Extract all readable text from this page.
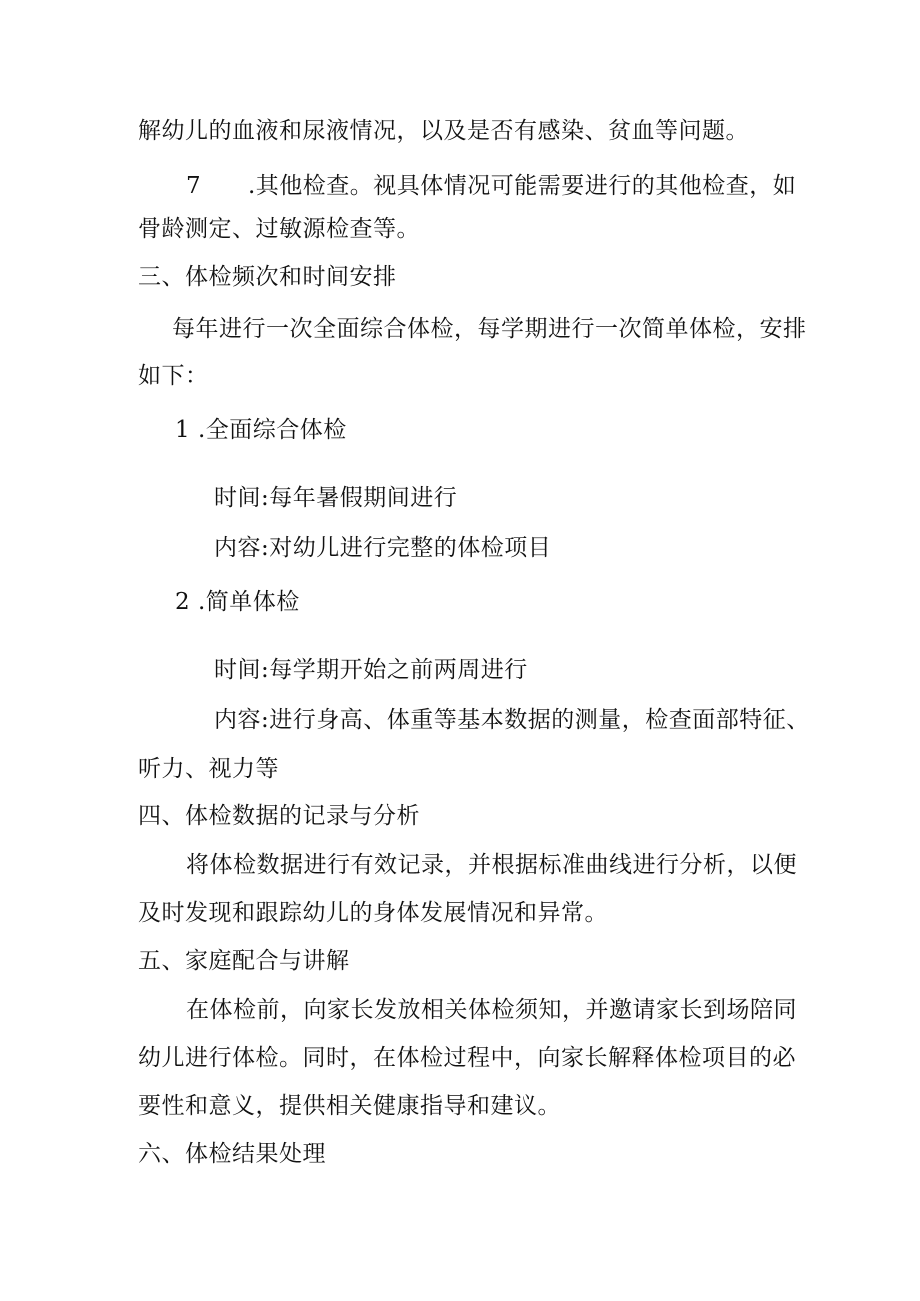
解幼儿的血液和尿液情况，以及是否有感染、贫血等问题。
7      .其他检查。视具体情况可能需要进行的其他检查，如
骨龄测定、过敏源检查等。
三、体检频次和时间安排
每年进行一次全面综合体检，每学期进行一次简单体检，安排
如下：
1 .全面综合体检
时间:每年暑假期间进行
内容:对幼儿进行完整的体检项目
2 .简单体检
时间:每学期开始之前两周进行
内容:进行身高、体重等基本数据的测量，检查面部特征、
听力、视力等
四、体检数据的记录与分析
将体检数据进行有效记录，并根据标准曲线进行分析，以便
及时发现和跟踪幼儿的身体发展情况和异常。
五、家庭配合与讲解
在体检前，向家长发放相关体检须知，并邀请家长到场陪同
幼儿进行体检。同时，在体检过程中，向家长解释体检项目的必
要性和意义，提供相关健康指导和建议。
六、体检结果处理
